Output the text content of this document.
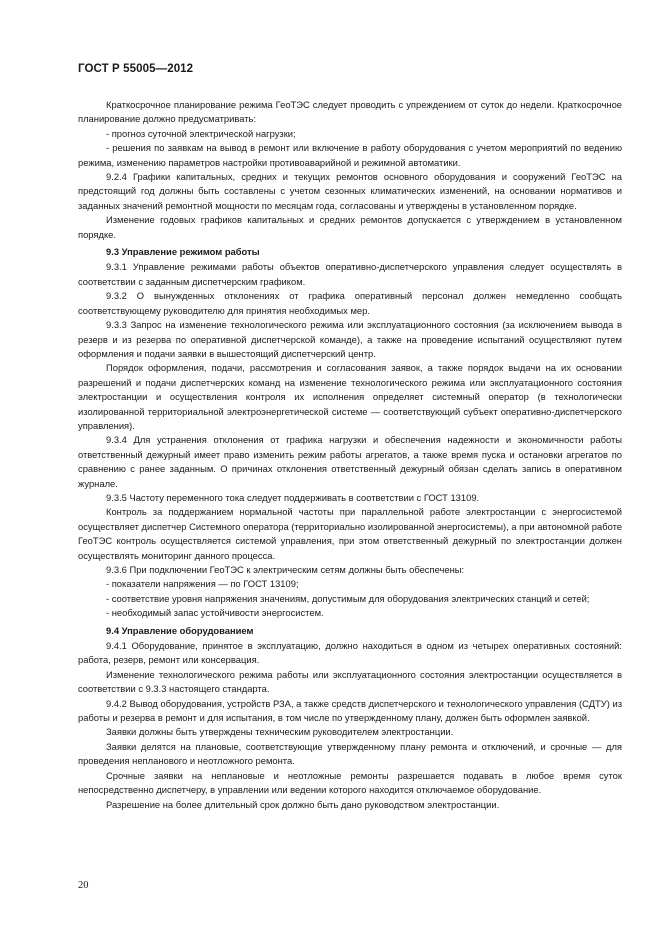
ГОСТ Р 55005—2012

Краткосрочное планирование режима ГеоТЭС следует проводить с упреждением от суток до недели. Краткосрочное планирование должно предусматривать:

- прогноз суточной электрической нагрузки;

- решения по заявкам на вывод в ремонт или включение в работу оборудования с учетом мероприятий по ведению режима, изменению параметров настройки противоаварийной и режимной автоматики.

9.2.4 Графики капитальных, средних и текущих ремонтов основного оборудования и сооружений ГеоТЭС на предстоящий год должны быть составлены с учетом сезонных климатических изменений, на основании нормативов и заданных значений ремонтной мощности по месяцам года, согласованы и утверждены в установленном порядке.

Изменение годовых графиков капитальных и средних ремонтов допускается с утверждением в установленном порядке.

9.3 Управление режимом работы

9.3.1 Управление режимами работы объектов оперативно-диспетчерского управления следует осуществлять в соответствии с заданным диспетчерским графиком.

9.3.2 О вынужденных отклонениях от графика оперативный персонал должен немедленно сообщать соответствующему руководителю для принятия необходимых мер.

9.3.3 Запрос на изменение технологического режима или эксплуатационного состояния (за исключением вывода в резерв и из резерва по оперативной диспетчерской команде), а также на проведение испытаний осуществляют путем оформления и подачи заявки в вышестоящий диспетчерский центр.

Порядок оформления, подачи, рассмотрения и согласования заявок, а также порядок выдачи на их основании разрешений и подачи диспетчерских команд на изменение технологического режима или эксплуатационного состояния электростанции и осуществления контроля их исполнения определяет системный оператор (в технологически изолированной территориальной электроэнергетической системе — соответствующий субъект оперативно-диспетчерского управления).

9.3.4 Для устранения отклонения от графика нагрузки и обеспечения надежности и экономичности работы ответственный дежурный имеет право изменить режим работы агрегатов, а также время пуска и остановки агрегатов по сравнению с ранее заданным. О причинах отклонения ответственный дежурный обязан сделать запись в оперативном журнале.

9.3.5 Частоту переменного тока следует поддерживать в соответствии с ГОСТ 13109.

Контроль за поддержанием нормальной частоты при параллельной работе электростанции с энергосистемой осуществляет диспетчер Системного оператора (территориально изолированной энергосистемы), а при автономной работе ГеоТЭС контроль осуществляется системой управления, при этом ответственный дежурный по электростанции должен осуществлять мониторинг данного процесса.

9.3.6 При подключении ГеоТЭС к электрическим сетям должны быть обеспечены:

- показатели напряжения — по ГОСТ 13109;

- соответствие уровня напряжения значениям, допустимым для оборудования электрических станций и сетей;

- необходимый запас устойчивости энергосистем.

9.4 Управление оборудованием

9.4.1 Оборудование, принятое в эксплуатацию, должно находиться в одном из четырех оперативных состояний: работа, резерв, ремонт или консервация.

Изменение технологического режима работы или эксплуатационного состояния электростанции осуществляется в соответствии с 9.3.3 настоящего стандарта.

9.4.2 Вывод оборудования, устройств РЗА, а также средств диспетчерского и технологического управления (СДТУ) из работы и резерва в ремонт и для испытания, в том числе по утвержденному плану, должен быть оформлен заявкой.

Заявки должны быть утверждены техническим руководителем электростанции.

Заявки делятся на плановые, соответствующие утвержденному плану ремонта и отключений, и срочные — для проведения непланового и неотложного ремонта.

Срочные заявки на неплановые и неотложные ремонты разрешается подавать в любое время суток непосредственно диспетчеру, в управлении или ведении которого находится отключаемое оборудование.

Разрешение на более длительный срок должно быть дано руководством электростанции.

20
